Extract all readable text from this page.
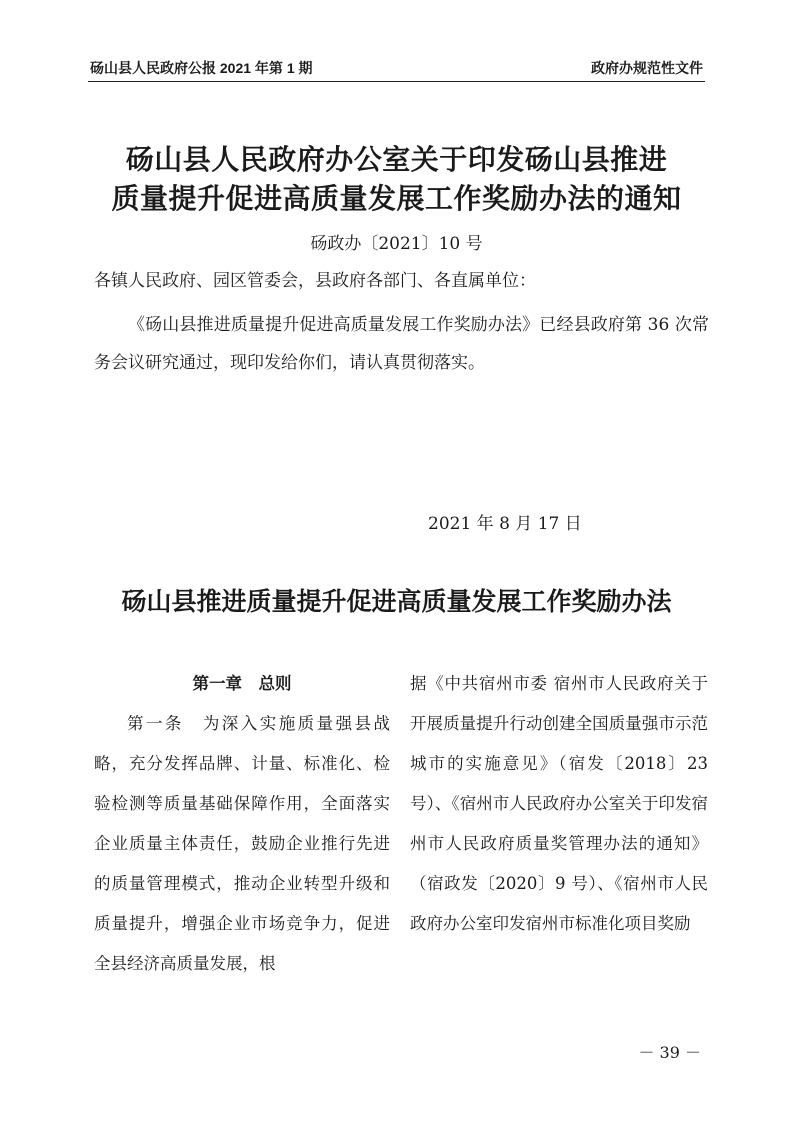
砀山县人民政府公报 2021 年第 1 期	政府办规范性文件
砀山县人民政府办公室关于印发砀山县推进
质量提升促进高质量发展工作奖励办法的通知
砀政办〔2021〕10 号
各镇人民政府、园区管委会，县政府各部门、各直属单位：
《砀山县推进质量提升促进高质量发展工作奖励办法》已经县政府第 36 次常务会议研究通过，现印发给你们，请认真贯彻落实。
2021 年 8 月 17 日
砀山县推进质量提升促进高质量发展工作奖励办法
第一章　总则
第一条　为深入实施质量强县战略，充分发挥品牌、计量、标准化、检验检测等质量基础保障作用，全面落实企业质量主体责任，鼓励企业推行先进的质量管理模式，推动企业转型升级和质量提升，增强企业市场竞争力，促进全县经济高质量发展，根
据《中共宿州市委 宿州市人民政府关于开展质量提升行动创建全国质量强市示范城市的实施意见》（宿发〔2018〕23 号）、《宿州市人民政府办公室关于印发宿州市人民政府质量奖管理办法的通知》（宿政发〔2020〕9 号）、《宿州市人民政府办公室印发宿州市标准化项目奖励
－ 39 －
